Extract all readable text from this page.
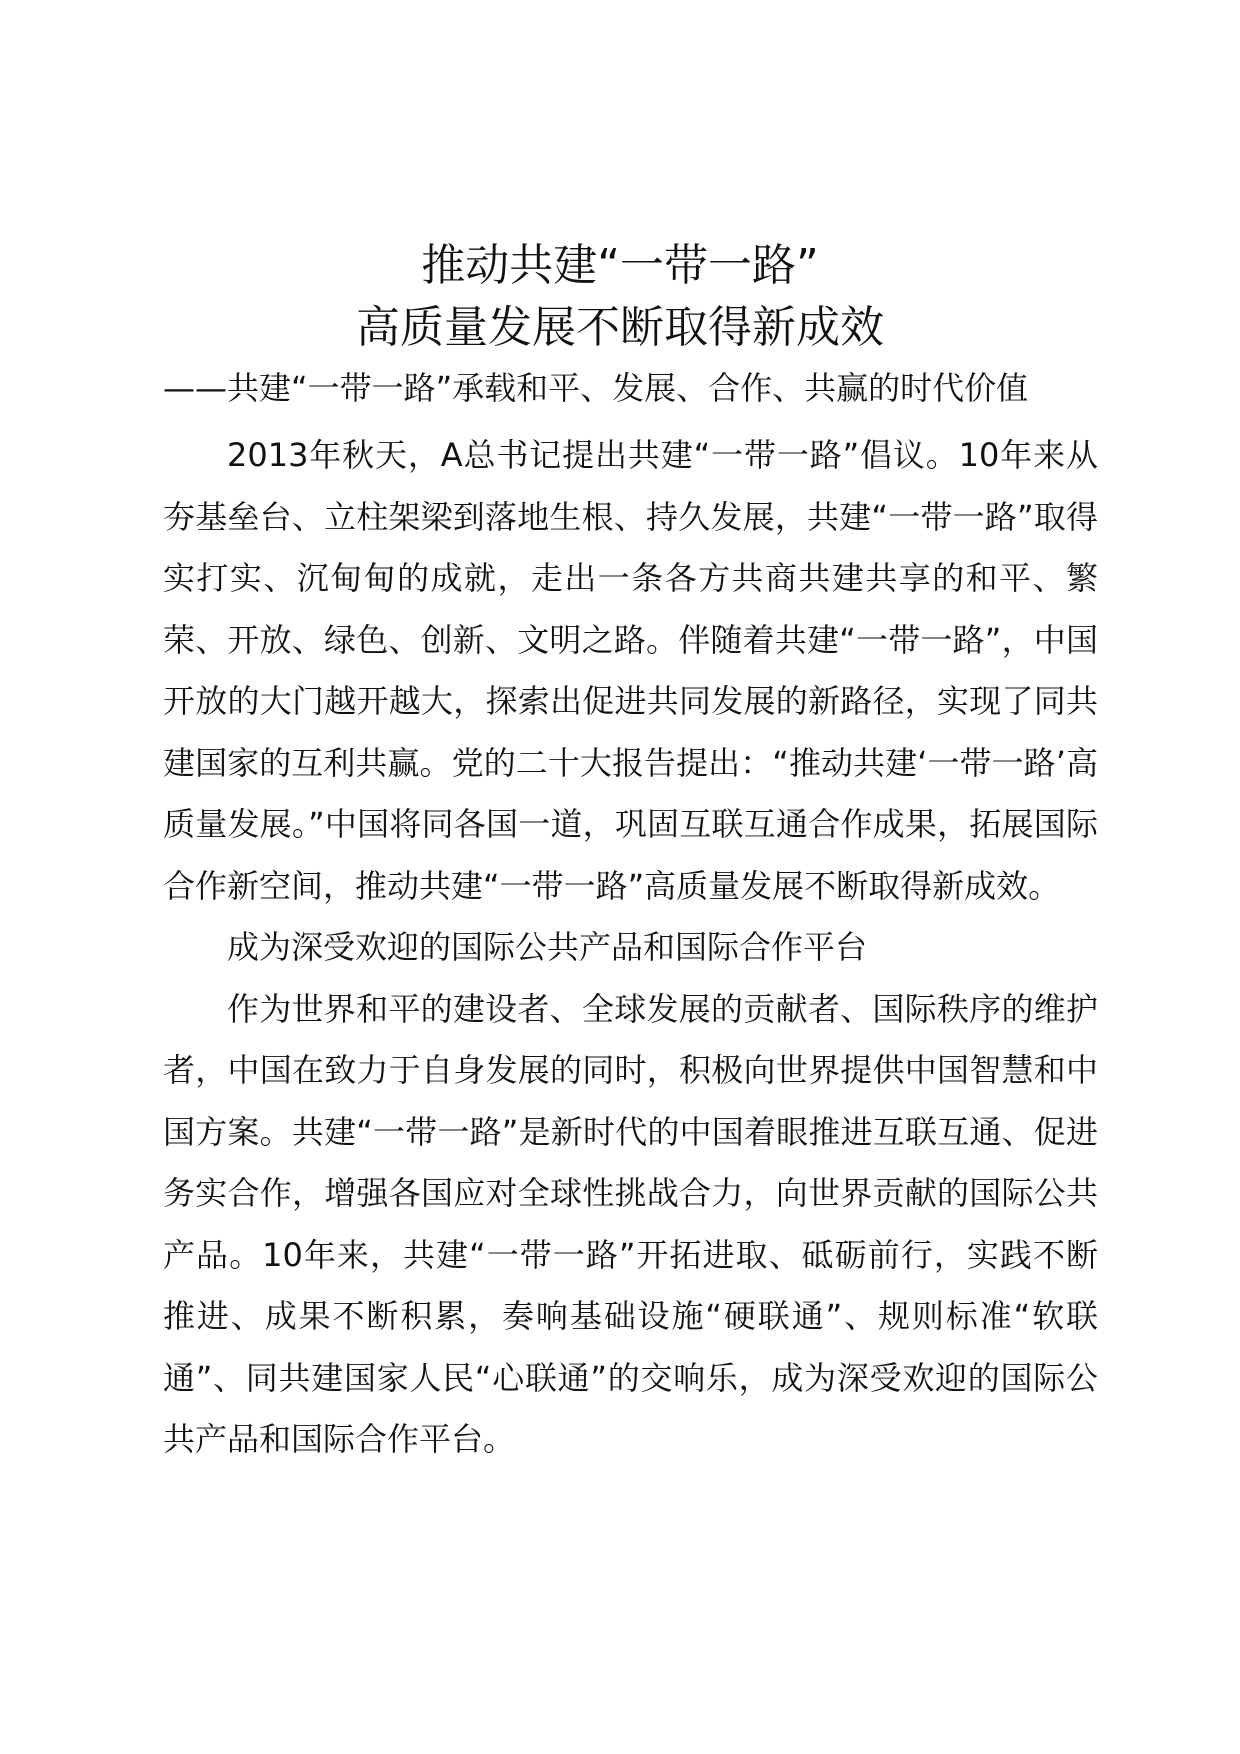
推动共建“一带一路”
高质量发展不断取得新成效

——共建“一带一路”承载和平、发展、合作、共赢的时代价值

2013年秋天，A总书记提出共建“一带一路”倡议。10年来从夯基垒台、立柱架梁到落地生根、持久发展，共建“一带一路”取得实打实、沉甸甸的成就，走出一条各方共商共建共享的和平、繁荣、开放、绿色、创新、文明之路。伴随着共建“一带一路”，中国开放的大门越开越大，探索出促进共同发展的新路径，实现了同共建国家的互利共赢。党的二十大报告提出：“推动共建‘一带一路’高质量发展。”中国将同各国一道，巩固互联互通合作成果，拓展国际合作新空间，推动共建“一带一路”高质量发展不断取得新成效。

成为深受欢迎的国际公共产品和国际合作平台

作为世界和平的建设者、全球发展的贡献者、国际秩序的维护者，中国在致力于自身发展的同时，积极向世界提供中国智慧和中国方案。共建“一带一路”是新时代的中国着眼推进互联互通、促进务实合作，增强各国应对全球性挑战合力，向世界贡献的国际公共产品。10年来，共建“一带一路”开拓进取、砥砺前行，实践不断推进、成果不断积累，奏响基础设施“硬联通”、规则标准“软联通”、同共建国家人民“心联通”的交响乐，成为深受欢迎的国际公共产品和国际合作平台。
